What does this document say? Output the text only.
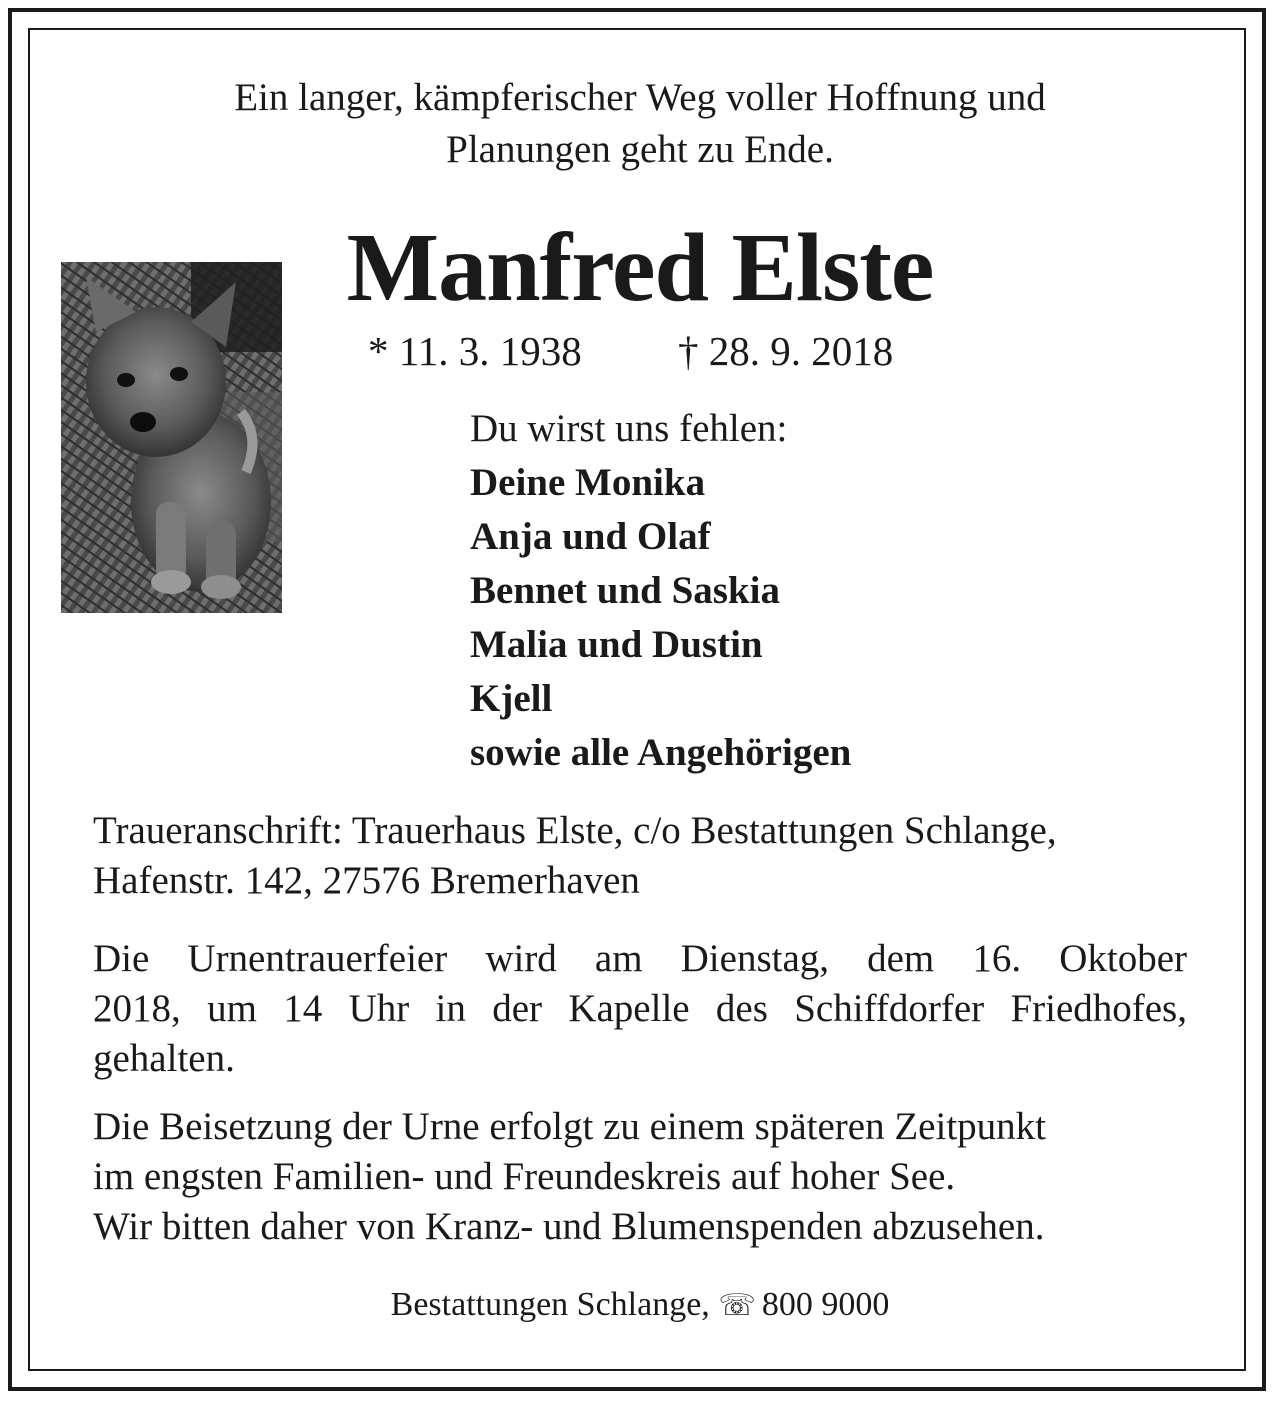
Ein langer, kämpferischer Weg voller Hoffnung und
Planungen geht zu Ende.
Manfred Elste
* 11. 3. 1938 † 28. 9. 2018
Du wirst uns fehlen:
Deine Monika
Anja und Olaf
Bennet und Saskia
Malia und Dustin
Kjell
sowie alle Angehörigen
Traueranschrift: Trauerhaus Elste, c/o Bestattungen Schlange,
Hafenstr. 142, 27576 Bremerhaven
Die Urnentrauerfeier wird am Dienstag, dem 16. Oktober
2018, um 14 Uhr in der Kapelle des Schiffdorfer Friedhofes,
gehalten.
Die Beisetzung der Urne erfolgt zu einem späteren Zeitpunkt
im engsten Familien- und Freundeskreis auf hoher See.
Wir bitten daher von Kranz- und Blumenspenden abzusehen.
Bestattungen Schlange, ☏ 800 9000
